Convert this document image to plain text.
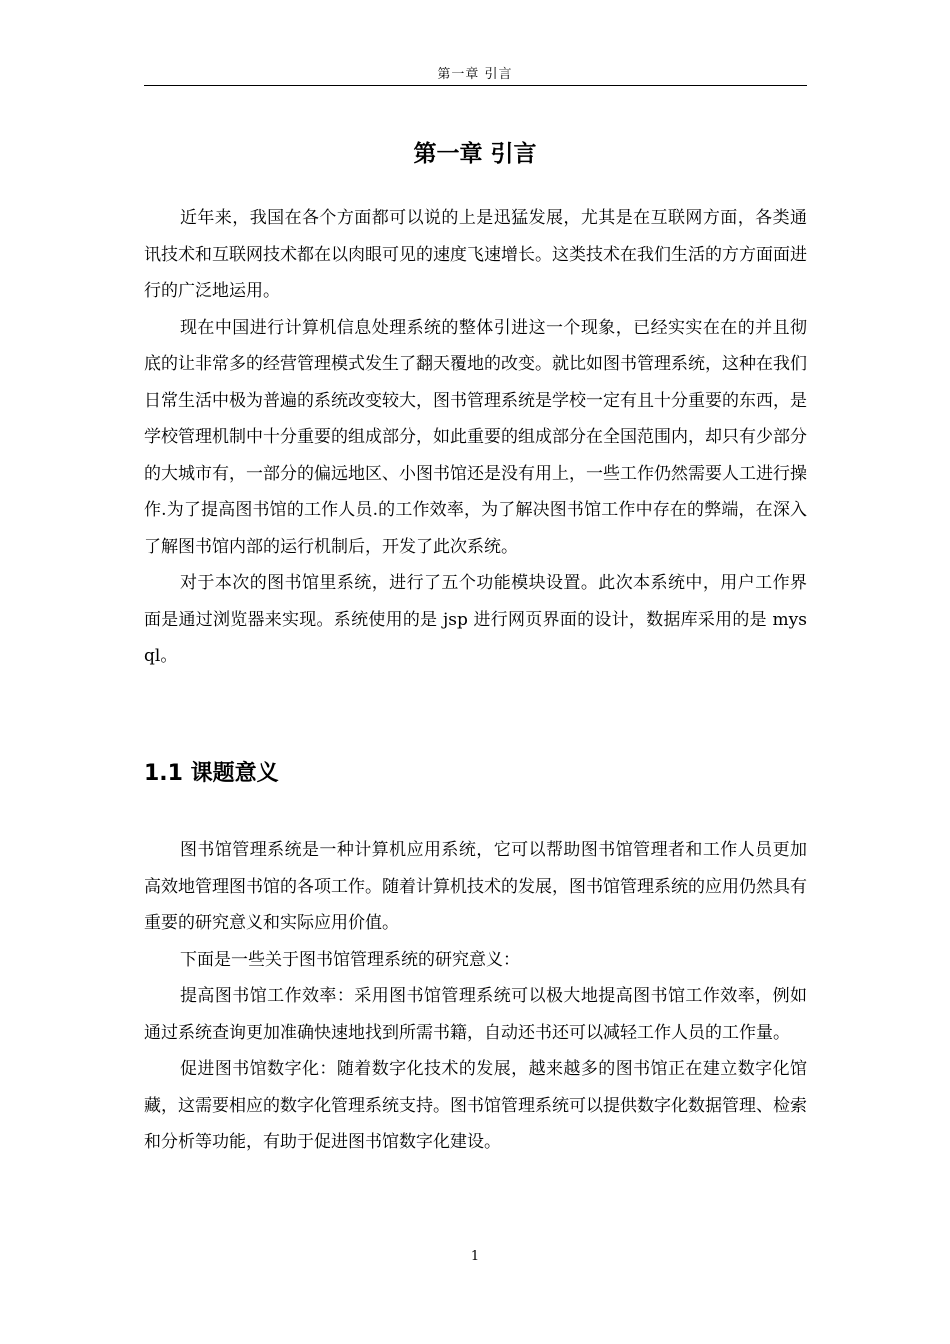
第一章 引言
第一章 引言

近年来，我国在各个方面都可以说的上是迅猛发展，尤其是在互联网方面，各类通讯技术和互联网技术都在以肉眼可见的速度飞速增长。这类技术在我们生活的方方面面进行的广泛地运用。

现在中国进行计算机信息处理系统的整体引进这一个现象，已经实实在在的并且彻底的让非常多的经营管理模式发生了翻天覆地的改变。就比如图书管理系统，这种在我们日常生活中极为普遍的系统改变较大，图书管理系统是学校一定有且十分重要的东西，是学校管理机制中十分重要的组成部分，如此重要的组成部分在全国范围内，却只有少部分的大城市有，一部分的偏远地区、小图书馆还是没有用上，一些工作仍然需要人工进行操作.为了提高图书馆的工作人员.的工作效率，为了解决图书馆工作中存在的弊端，在深入了解图书馆内部的运行机制后，开发了此次系统。

对于本次的图书馆里系统，进行了五个功能模块设置。此次本系统中，用户工作界面是通过浏览器来实现。系统使用的是 jsp 进行网页界面的设计，数据库采用的是 mysql。

1.1 课题意义

图书馆管理系统是一种计算机应用系统，它可以帮助图书馆管理者和工作人员更加高效地管理图书馆的各项工作。随着计算机技术的发展，图书馆管理系统的应用仍然具有重要的研究意义和实际应用价值。

下面是一些关于图书馆管理系统的研究意义：

提高图书馆工作效率：采用图书馆管理系统可以极大地提高图书馆工作效率，例如通过系统查询更加准确快速地找到所需书籍，自动还书还可以减轻工作人员的工作量。

促进图书馆数字化：随着数字化技术的发展，越来越多的图书馆正在建立数字化馆藏，这需要相应的数字化管理系统支持。图书馆管理系统可以提供数字化数据管理、检索和分析等功能，有助于促进图书馆数字化建设。

1
